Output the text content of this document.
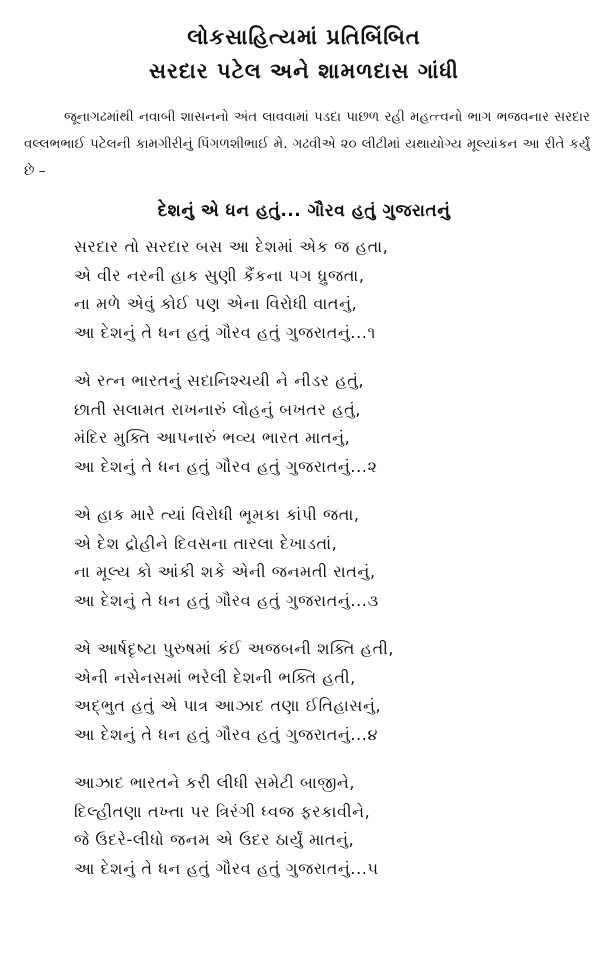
લોકસાહિત્યમાં પ્રતિબિંબિત
સરદાર પટેલ અને શામળદાસ ગાંધી

જૂનાગઢમાંથી નવાબી શાસનનો અંત લાવવામાં પડદા પાછળ રહી મહત્ત્વનો ભાગ ભજવનાર સરદાર વલ્લભભાઈ પટેલની કામગીરીનું પિંગળશીભાઈ મે. ગઢવીએ ૨૦ લીટીમાં યથાયોગ્ય મૂલ્યાંકન આ રીતે કર્યું છે –

દેશનું એ ધન હતું... ગૌરવ હતું ગુજરાતનું
સરદાર તો સરદાર બસ આ દેશમાં એક જ હતા,
એ વીર નરની હાક સુણી કૈંકના પગ ધ્રુજતા,
ના મળે એવું કોઈ પણ એના વિરોધી વાતનું,
આ દેશનું તે ધન હતું ગૌરવ હતું ગુજરાતનું...૧
એ રત્ન ભારતનું સદાનિશ્ચયી ને નીડર હતું,
છાતી સલામત રાખનારું લોહનું બખતર હતું,
મંદિર મુક્તિ આપનારું ભવ્ય ભારત માતનું,
આ દેશનું તે ધન હતું ગૌરવ હતું ગુજરાતનું...૨
એ હાક મારે ત્યાં વિરોધી ભૂમકા કાંપી જતા,
એ દેશ દ્રોહીને દિવસના તારલા દેખાડતાં,
ના મૂલ્ય કો આંકી શકે એની જનમતી રાતનું,
આ દેશનું તે ધન હતું ગૌરવ હતું ગુજરાતનું...૩
એ આર્ષદૃષ્ટા પુરુષમાં કંઈ અજબની શક્તિ હતી,
એની નસેનસમાં ભરેલી દેશની ભક્તિ હતી,
અદ્ભુત હતું એ પાત્ર આઝાદ તણા ઈતિહાસનું,
આ દેશનું તે ધન હતું ગૌરવ હતું ગુજરાતનું...૪
આઝાદ ભારતને કરી લીધી સમેટી બાજીને,
દિલ્હીતણા તખ્તા પર ત્રિરંગી ધ્વજ ફરકાવીને,
જે ઉદરે-લીધો જનમ એ ઉદર ઠાર્યું માતનું,
આ દેશનું તે ધન હતું ગૌરવ હતું ગુજરાતનું...૫
